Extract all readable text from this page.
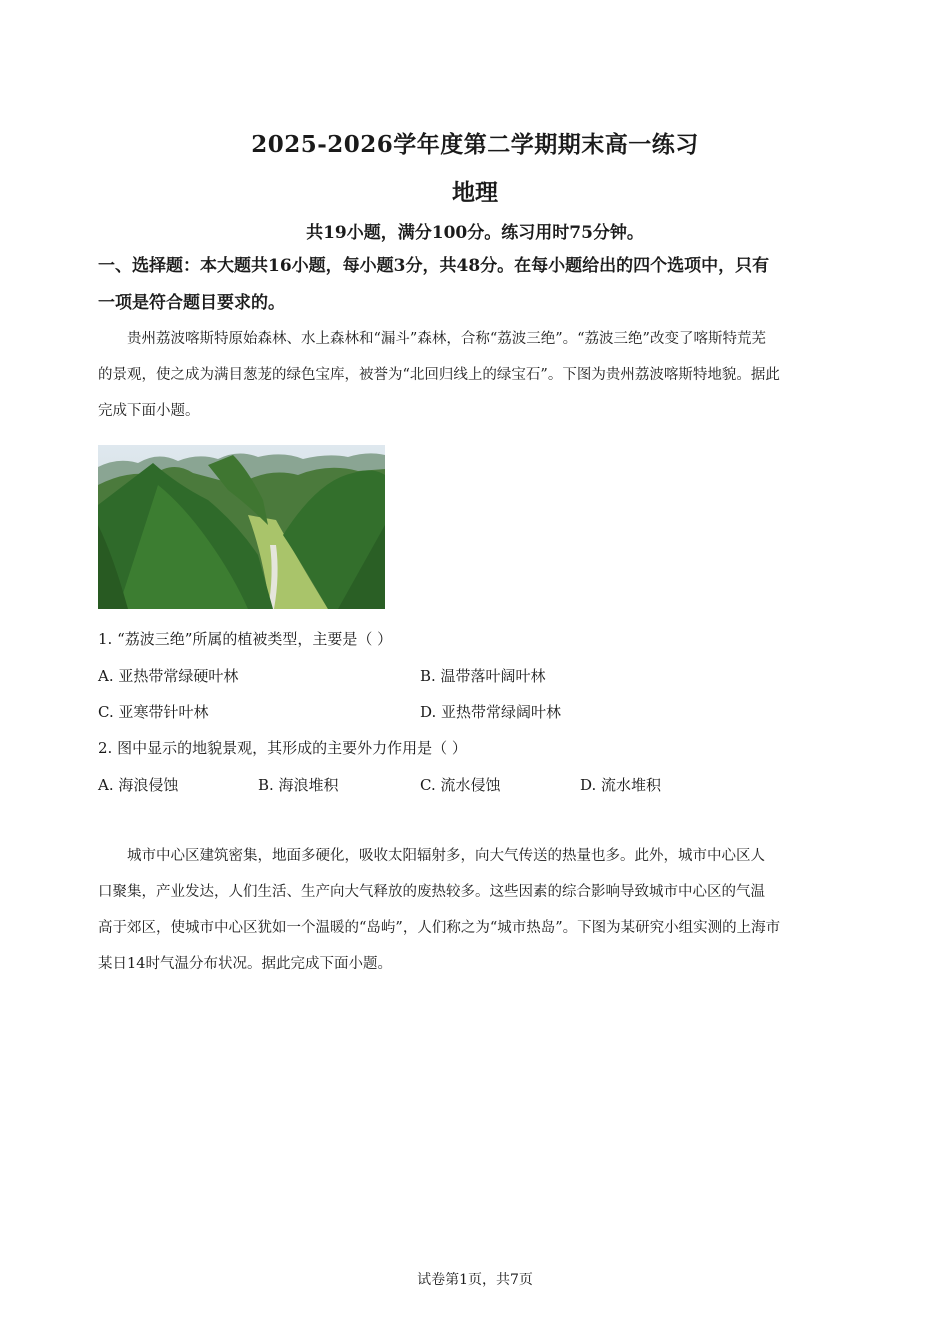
2025-2026学年度第二学期期末高一练习
地理
共19小题，满分100分。练习用时75分钟。
一、选择题：本大题共16小题，每小题3分，共48分。在每小题给出的四个选项中，只有
一项是符合题目要求的。
贵州荔波喀斯特原始森林、水上森林和“漏斗”森林，合称“荔波三绝”。“荔波三绝”改变了喀斯特荒芜
的景观，使之成为满目葱茏的绿色宝库，被誉为“北回归线上的绿宝石”。下图为贵州荔波喀斯特地貌。据此
完成下面小题。
1. “荔波三绝”所属的植被类型，主要是（ ）
A. 亚热带常绿硬叶林	B. 温带落叶阔叶林
C. 亚寒带针叶林	D. 亚热带常绿阔叶林
2. 图中显示的地貌景观，其形成的主要外力作用是（ ）
A. 海浪侵蚀	B. 海浪堆积	C. 流水侵蚀	D. 流水堆积
城市中心区建筑密集，地面多硬化，吸收太阳辐射多，向大气传送的热量也多。此外，城市中心区人
口聚集，产业发达，人们生活、生产向大气释放的废热较多。这些因素的综合影响导致城市中心区的气温
高于郊区，使城市中心区犹如一个温暖的“岛屿”，人们称之为“城市热岛”。下图为某研究小组实测的上海市
某日14时气温分布状况。据此完成下面小题。
试卷第1页，共7页
